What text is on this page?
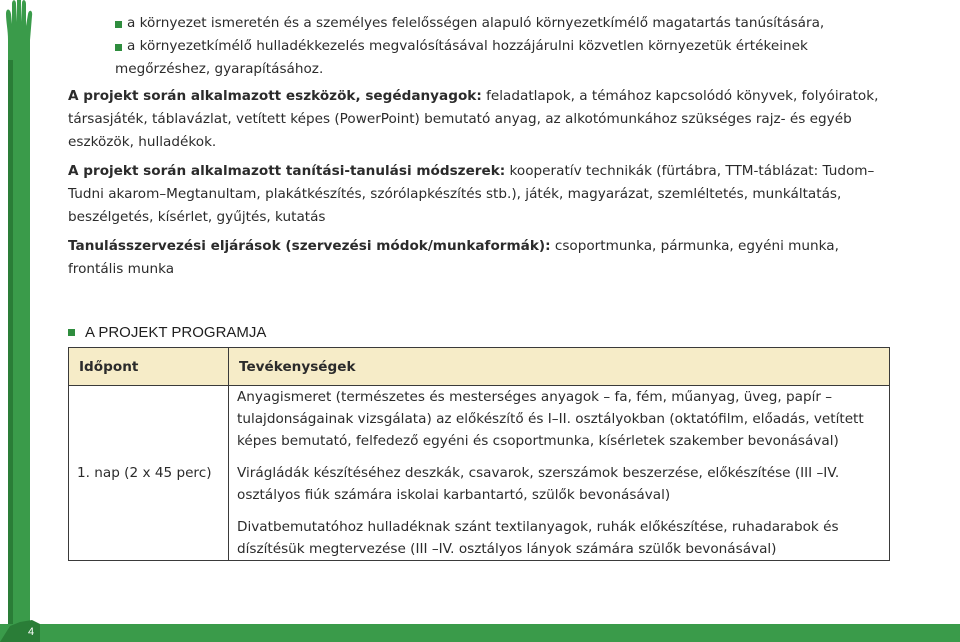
4
a környezet ismeretén és a személyes felelősségen alapuló környezetkímélő magatartás tanúsítására,
a környezetkímélő hulladékkezelés megvalósításával hozzájárulni közvetlen környezetük értékeinek
megőrzéshez, gyarapításához.

A projekt során alkalmazott eszközök, segédanyagok: feladatlapok, a témához kapcsolódó könyvek, folyóiratok, társasjáték, táblavázlat, vetített képes (PowerPoint) bemutató anyag, az alkotómunkához szükséges rajz- és egyéb eszközök, hulladékok.

A projekt során alkalmazott tanítási-tanulási módszerek: kooperatív technikák (fürtábra, TTM-táblázat: Tudom–Tudni akarom–Megtanultam, plakátkészítés, szórólapkészítés stb.), játék, magyarázat, szemléltetés, munkáltatás, beszélgetés, kísérlet, gyűjtés, kutatás

Tanulásszervezési eljárások (szervezési módok/munkaformák): csoportmunka, pármunka, egyéni munka, frontális munka

A PROJEKT PROGRAMJA
Időpont	Tevékenységek
1. nap (2 x 45 perc)	Anyagismeret (természetes és mesterséges anyagok – fa, fém, műanyag, üveg, papír – tulajdonságainak vizsgálata) az előkészítő és I–II. osztályokban (oktatófilm, előadás, vetített képes bemutató, felfedező egyéni és csoportmunka, kísérletek szakember bevonásával)
Virágládák készítéséhez deszkák, csavarok, szerszámok beszerzése, előkészítése (III –IV. osztályos fiúk számára iskolai karbantartó, szülők bevonásával)
Divatbemutatóhoz hulladéknak szánt textilanyagok, ruhák előkészítése, ruhadarabok és díszítésük megtervezése (III –IV. osztályos lányok számára szülők bevonásával)
